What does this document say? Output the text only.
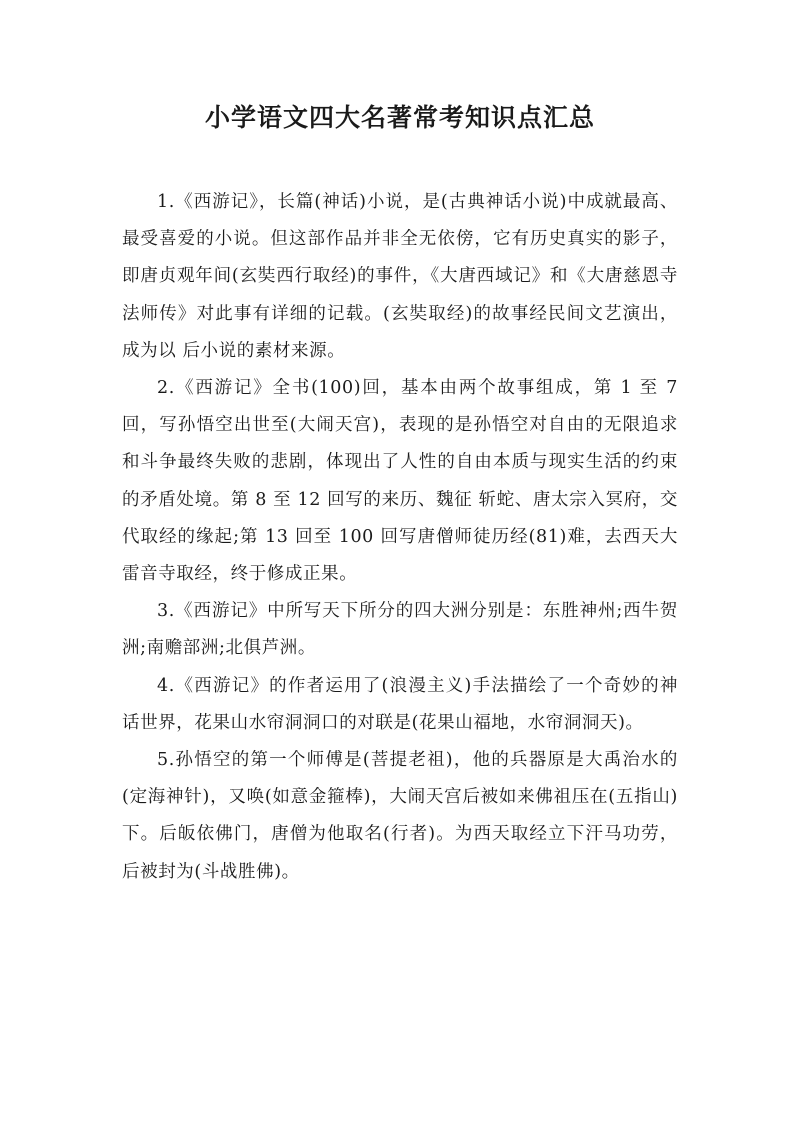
小学语文四大名著常考知识点汇总

1.《西游记》，长篇(神话)小说，是(古典神话小说)中成就最高、最受喜爱的小说。但这部作品并非全无依傍，它有历史真实的影子，即唐贞观年间(玄奘西行取经)的事件，《大唐西域记》和《大唐慈恩寺法师传》对此事有详细的记载。(玄奘取经)的故事经民间文艺演出，成为以 后小说的素材来源。

2.《西游记》全书(100)回，基本由两个故事组成，第 1 至 7 回，写孙悟空出世至(大闹天宫)，表现的是孙悟空对自由的无限追求和斗争最终失败的悲剧，体现出了人性的自由本质与现实生活的约束的矛盾处境。第 8 至 12 回写的来历、魏征 斩蛇、唐太宗入冥府，交代取经的缘起;第 13 回至 100 回写唐僧师徒历经(81)难，去西天大雷音寺取经，终于修成正果。

3.《西游记》中所写天下所分的四大洲分别是：东胜神州;西牛贺洲;南赡部洲;北俱芦洲。

4.《西游记》的作者运用了(浪漫主义)手法描绘了一个奇妙的神话世界，花果山水帘洞洞口的对联是(花果山福地，水帘洞洞天)。

5.孙悟空的第一个师傅是(菩提老祖)，他的兵器原是大禹治水的(定海神针)，又唤(如意金箍棒)，大闹天宫后被如来佛祖压在(五指山)下。后皈依佛门，唐僧为他取名(行者)。为西天取经立下汗马功劳，后被封为(斗战胜佛)。
